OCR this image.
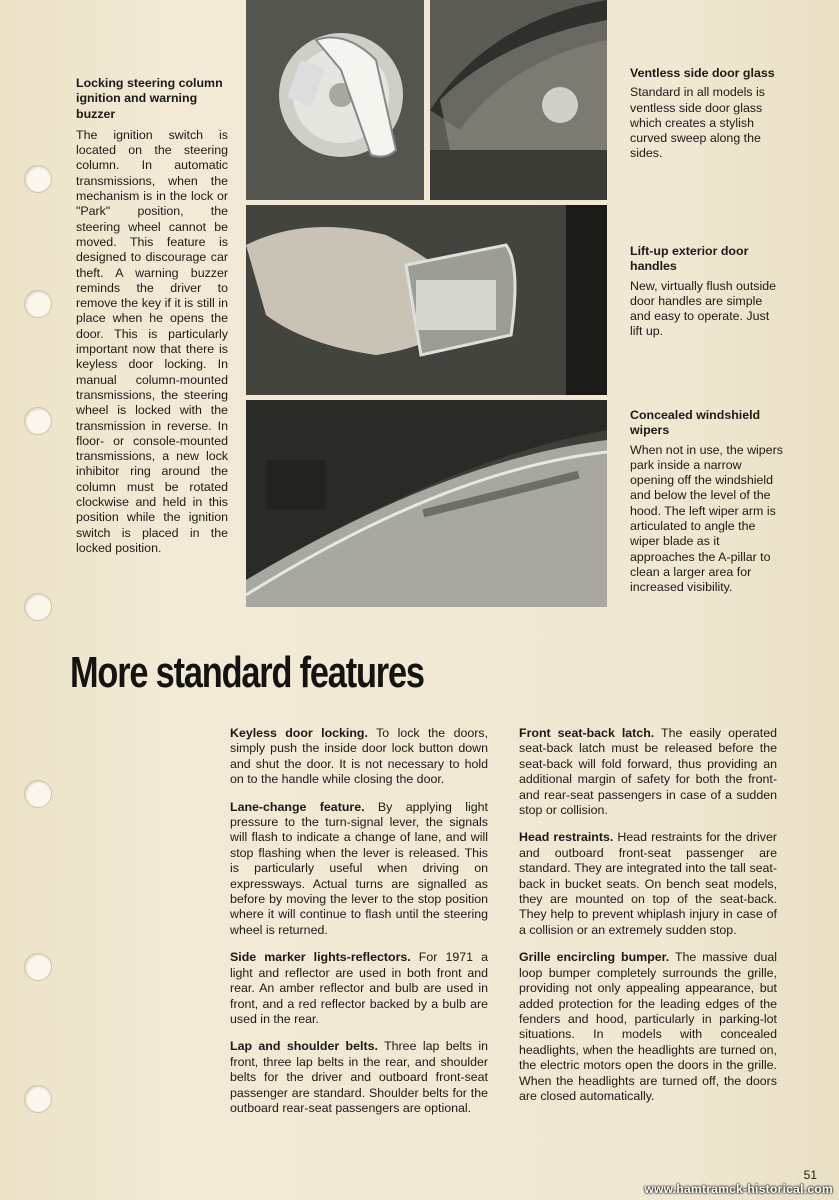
Locking steering column ignition and warning buzzer
The ignition switch is located on the steering column. In automatic transmissions, when the mechanism is in the lock or "Park" position, the steering wheel cannot be moved. This feature is designed to discourage car theft. A warning buzzer reminds the driver to remove the key if it is still in place when he opens the door. This is particularly important now that there is keyless door locking. In manual column-mounted transmissions, the steering wheel is locked with the transmission in reverse. In floor- or console-mounted transmissions, a new lock inhibitor ring around the column must be rotated clockwise and held in this position while the ignition switch is placed in the locked position.
Ventless side door glass
Standard in all models is ventless side door glass which creates a stylish curved sweep along the sides.
Lift-up exterior door handles
New, virtually flush outside door handles are simple and easy to operate. Just lift up.
Concealed windshield wipers
When not in use, the wipers park inside a narrow opening off the windshield and below the level of the hood. The left wiper arm is articulated to angle the wiper blade as it approaches the A-pillar to clean a larger area for increased visibility.
More standard features

Keyless door locking. To lock the doors, simply push the inside door lock button down and shut the door. It is not necessary to hold on to the handle while closing the door.

Lane-change feature. By applying light pressure to the turn-signal lever, the signals will flash to indicate a change of lane, and will stop flashing when the lever is released. This is particularly useful when driving on expressways. Actual turns are signalled as before by moving the lever to the stop position where it will continue to flash until the steering wheel is returned.

Side marker lights-reflectors. For 1971 a light and reflector are used in both front and rear. An amber reflector and bulb are used in front, and a red reflector backed by a bulb are used in the rear.

Lap and shoulder belts. Three lap belts in front, three lap belts in the rear, and shoulder belts for the driver and outboard front-seat passenger are standard. Shoulder belts for the outboard rear-seat passengers are optional.

Front seat-back latch. The easily operated seat-back latch must be released before the seat-back will fold forward, thus providing an additional margin of safety for both the front- and rear-seat passengers in case of a sudden stop or collision.

Head restraints. Head restraints for the driver and outboard front-seat passenger are standard. They are integrated into the tall seat-back in bucket seats. On bench seat models, they are mounted on top of the seat-back. They help to prevent whiplash injury in case of a collision or an extremely sudden stop.

Grille encircling bumper. The massive dual loop bumper completely surrounds the grille, providing not only appealing appearance, but added protection for the leading edges of the fenders and hood, particularly in parking-lot situations. In models with concealed headlights, when the headlights are turned on, the electric motors open the doors in the grille. When the headlights are turned off, the doors are closed automatically.

51
www.hamtramck-historical.com
